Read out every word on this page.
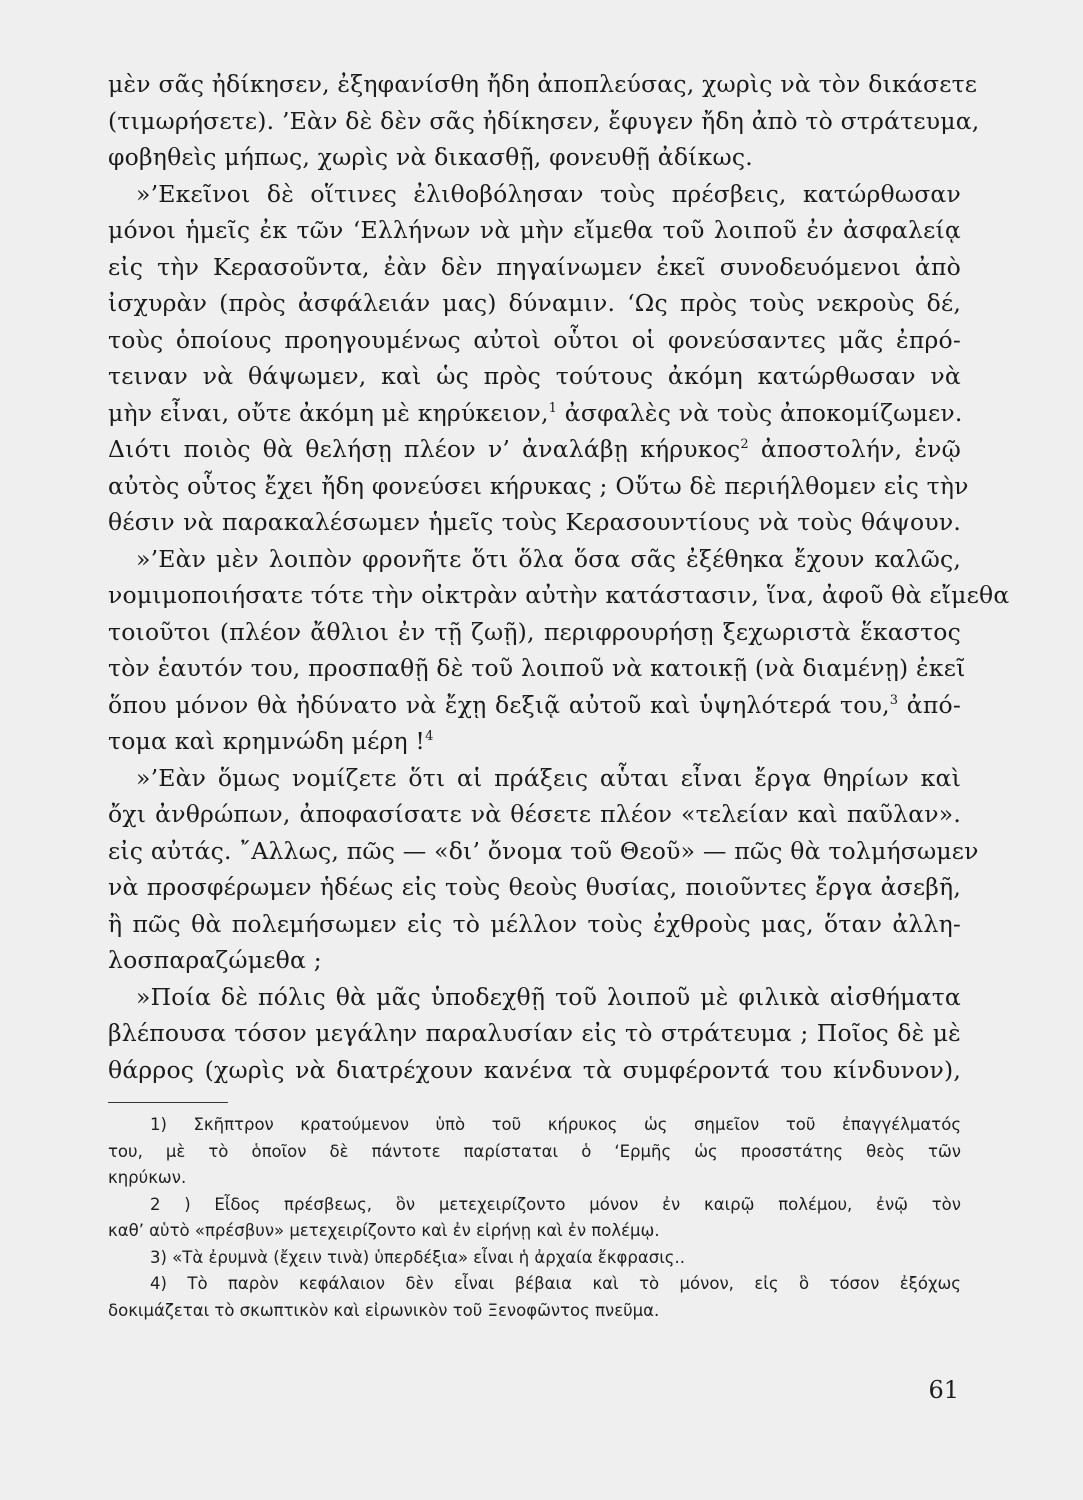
μὲν σᾶς ἠδίκησεν, ἐξηφανίσθη ἤδη ἀποπλεύσας, χωρὶς νὰ τὸν δικάσετε
(τιμωρήσετε). ’Εὰν δὲ δὲν σᾶς ἠδίκησεν, ἔφυγεν ἤδη ἀπὸ τὸ στράτευμα,
φοβηθεὶς μήπως, χωρὶς νὰ δικασθῇ, φονευθῇ ἀδίκως.
»’Εκεῖνοι δὲ οἵτινες ἐλιθοβόλησαν τοὺς πρέσβεις, κατώρθωσαν
μόνοι ἡμεῖς ἐκ τῶν ‘Ελλήνων νὰ μὴν εἴμεθα τοῦ λοιποῦ ἐν ἀσφαλείᾳ
εἰς τὴν Κερασοῦντα, ἐὰν δὲν πηγαίνωμεν ἐκεῖ συνοδευόμενοι ἀπὸ
ἰσχυρὰν (πρὸς ἀσφάλειάν μας) δύναμιν. ‘Ως πρὸς τοὺς νεκροὺς δέ,
τοὺς ὁποίους προηγουμένως αὐτοὶ οὗτοι οἱ φονεύσαντες μᾶς ἐπρό-
τειναν νὰ θάψωμεν, καὶ ὡς πρὸς τούτους ἀκόμη κατώρθωσαν νὰ
μὴν εἶναι, οὔτε ἀκόμη μὲ κηρύκειον,$^1$ ἀσφαλὲς νὰ τοὺς ἀποκομίζωμεν.
Διότι ποιὸς θὰ θελήσῃ πλέον ν’ ἀναλάβῃ κήρυκος$^2$ ἀποστολήν, ἐνῷ
αὐτὸς οὗτος ἔχει ἤδη φονεύσει κήρυκας ; Οὕτω δὲ περιήλθομεν εἰς τὴν
θέσιν νὰ παρακαλέσωμεν ἡμεῖς τοὺς Κερασουντίους νὰ τοὺς θάψουν.
»’Εὰν μὲν λοιπὸν φρονῆτε ὅτι ὅλα ὅσα σᾶς ἐξέθηκα ἔχουν καλῶς,
νομιμοποιήσατε τότε τὴν οἰκτρὰν αὐτὴν κατάστασιν, ἵνα, ἀφοῦ θὰ εἴμεθα
τοιοῦτοι (πλέον ἄθλιοι ἐν τῇ ζωῇ), περιφρουρήσῃ ξεχωριστὰ ἕκαστος
τὸν ἑαυτόν του, προσπαθῇ δὲ τοῦ λοιποῦ νὰ κατοικῇ (νὰ διαμένῃ) ἐκεῖ
ὅπου μόνον θὰ ἠδύνατο νὰ ἔχῃ δεξιᾷ αὐτοῦ καὶ ὑψηλότερά του,$^3$ ἀπό-
τομα καὶ κρημνώδη μέρη !$^4$
»’Εὰν ὅμως νομίζετε ὅτι αἱ πράξεις αὗται εἶναι ἔργα θηρίων καὶ
ὄχι ἀνθρώπων, ἀποφασίσατε νὰ θέσετε πλέον «τελείαν καὶ παῦλαν».
εἰς αὐτάς. ῎Αλλως, πῶς — «δι’ ὄνομα τοῦ Θεοῦ» — πῶς θὰ τολμήσωμεν
νὰ προσφέρωμεν ἡδέως εἰς τοὺς θεοὺς θυσίας, ποιοῦντες ἔργα ἀσεβῆ,
ἢ πῶς θὰ πολεμήσωμεν εἰς τὸ μέλλον τοὺς ἐχθροὺς μας, ὅταν ἀλλη-
λοσπαραζώμεθα ;
»Ποία δὲ πόλις θὰ μᾶς ὑποδεχθῇ τοῦ λοιποῦ μὲ φιλικὰ αἰσθήματα
βλέπουσα τόσον μεγάλην παραλυσίαν εἰς τὸ στράτευμα ; Ποῖος δὲ μὲ
θάρρος (χωρὶς νὰ διατρέχουν κανένα τὰ συμφέροντά του κίνδυνον),
1) Σκῆπτρον κρατούμενον ὑπὸ τοῦ κήρυκος ὡς σημεῖον τοῦ ἐπαγγέλματός
του, μὲ τὸ ὁποῖον δὲ πάντοτε παρίσταται ὁ ‘Ερμῆς ὡς προσστάτης θεὸς τῶν
κηρύκων.
2 ) Εἶδος πρέσβεως, ὃν μετεχειρίζοντο μόνον ἐν καιρῷ πολέμου, ἐνῷ τὸν
καθ’ αὑτὸ «πρέσβυν» μετεχειρίζοντο καὶ ἐν εἰρήνῃ καὶ ἐν πολέμῳ.
3) «Τὰ ἐρυμνὰ (ἔχειν τινὰ) ὑπερδέξια» εἶναι ἡ ἀρχαία ἔκφρασις..
4) Τὸ παρὸν κεφάλαιον δὲν εἶναι βέβαια καὶ τὸ μόνον, εἰς ὃ τόσον ἐξόχως
δοκιμάζεται τὸ σκωπτικὸν καὶ εἰρωνικὸν τοῦ Ξενοφῶντος πνεῦμα.
61
